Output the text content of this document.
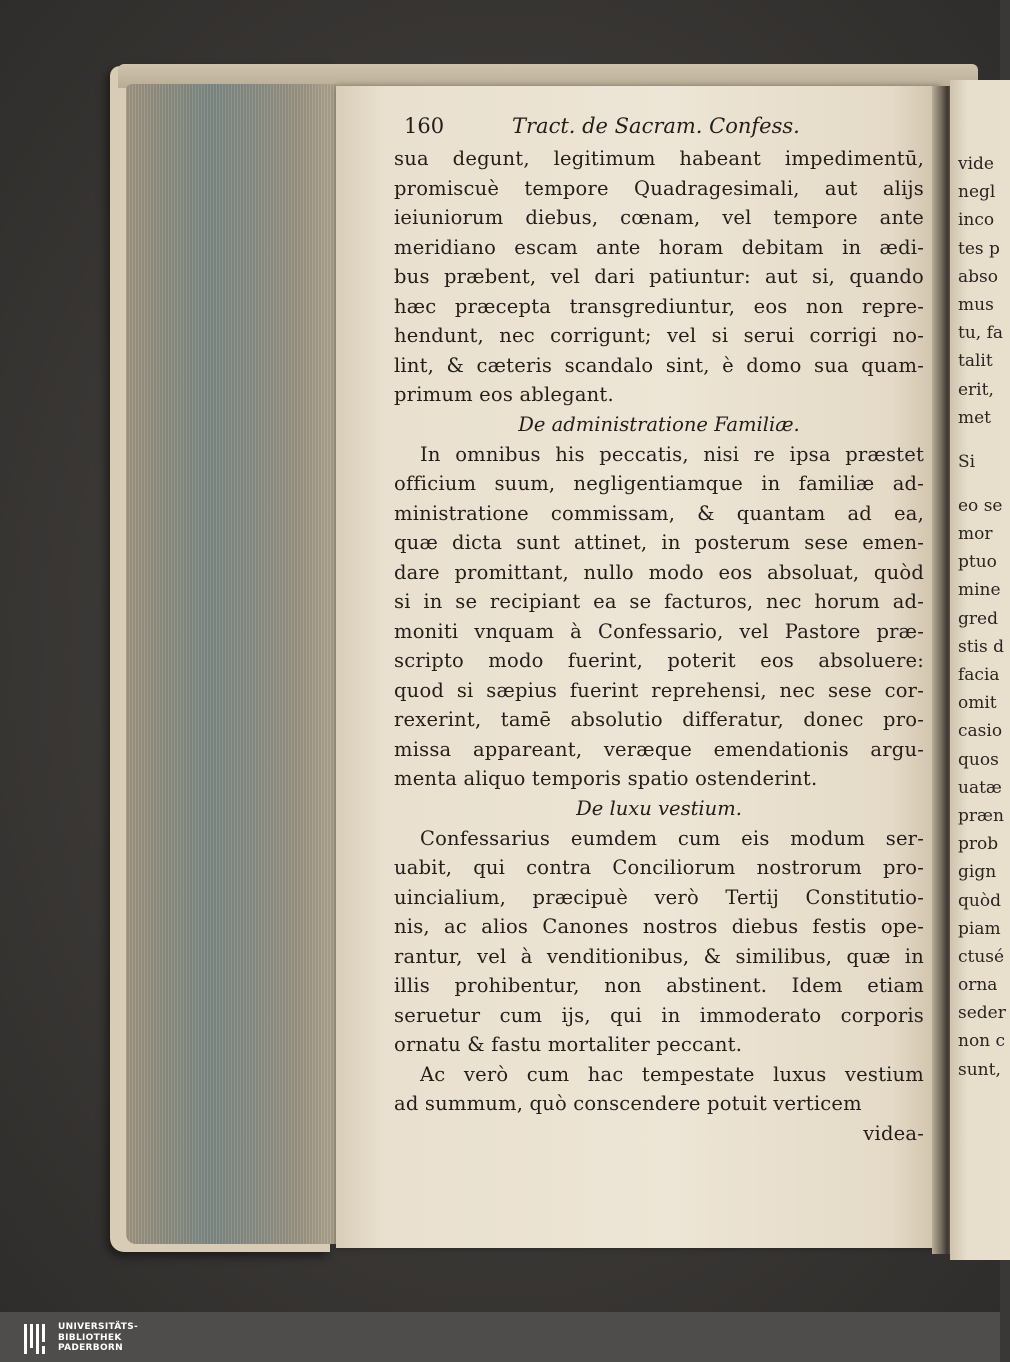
vide
negl
inco
tes p
abso
mus
tu, fa
talit
erit,
met
Si
eo se
mor
ptuo
mine
gred
stis d
facia
omit
casio
quos
uatæ
præn
prob
gign
quòd
piam
ctusé
orna
seder
non c
sunt,
160	Tract. de Sacram. Confess.
sua degunt, legitimum habeant impedimentū,
promiscuè tempore Quadragesimali, aut alijs
ieiuniorum diebus, cœnam, vel tempore ante
meridiano escam ante horam debitam in ædi-
bus præbent, vel dari patiuntur: aut si, quando
hæc præcepta transgrediuntur, eos non repre-
hendunt, nec corrigunt; vel si serui corrigi no-
lint, & cæteris scandalo sint, è domo sua quam-
primum eos ablegant.
De administratione Familiæ.
In omnibus his peccatis, nisi re ipsa præstet
officium suum, negligentiamque in familiæ ad-
ministratione commissam, & quantam ad ea,
quæ dicta sunt attinet, in posterum sese emen-
dare promittant, nullo modo eos absoluat, quòd
si in se recipiant ea se facturos, nec horum ad-
moniti vnquam à Confessario, vel Pastore præ-
scripto modo fuerint, poterit eos absoluere:
quod si sæpius fuerint reprehensi, nec sese cor-
rexerint, tamē absolutio differatur, donec pro-
missa appareant, veræque emendationis argu-
menta aliquo temporis spatio ostenderint.
De luxu vestium.
Confessarius eumdem cum eis modum ser-
uabit, qui contra Conciliorum nostrorum pro-
uincialium, præcipuè verò Tertij Constitutio-
nis, ac alios Canones nostros diebus festis ope-
rantur, vel à venditionibus, & similibus, quæ in
illis prohibentur, non abstinent. Idem etiam
seruetur cum ijs, qui in immoderato corporis
ornatu & fastu mortaliter peccant.
Ac verò cum hac tempestate luxus vestium
ad summum, quò conscendere potuit verticem
videa-
UNIVERSITÄTS-
BIBLIOTHEK
PADERBORN
